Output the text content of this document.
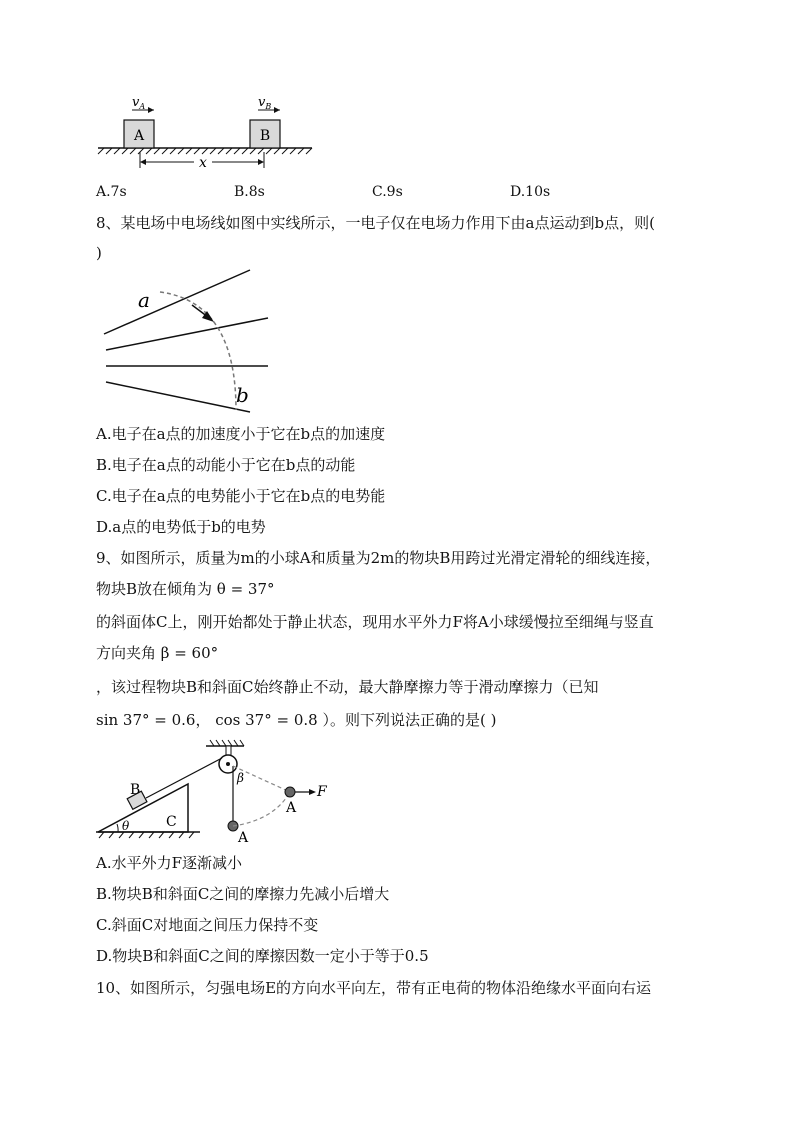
A	B
$v_A$	$v_B$
x
A.7s	B.8s	C.9s	D.10s
8、某电场中电场线如图中实线所示，一电子仅在电场力作用下由a点运动到b点，则(
)
a
b
A.电子在a点的加速度小于它在b点的加速度
B.电子在a点的动能小于它在b点的动能
C.电子在a点的电势能小于它在b点的电势能
D.a点的电势低于b的电势
9、如图所示，质量为m的小球A和质量为2m的物块B用跨过光滑定滑轮的细线连接，
物块B放在倾角为 θ = 37°
的斜面体C上，刚开始都处于静止状态，现用水平外力F将A小球缓慢拉至细绳与竖直
方向夹角 β = 60°
，该过程物块B和斜面C始终静止不动，最大静摩擦力等于滑动摩擦力（已知
sin 37° = 0.6， cos 37° = 0.8 ）。则下列说法正确的是( )
B
C
θ
A
A
F
β
A.水平外力F逐渐减小
B.物块B和斜面C之间的摩擦力先减小后增大
C.斜面C对地面之间压力保持不变
D.物块B和斜面C之间的摩擦因数一定小于等于0.5
10、如图所示，匀强电场E的方向水平向左，带有正电荷的物体沿绝缘水平面向右运
